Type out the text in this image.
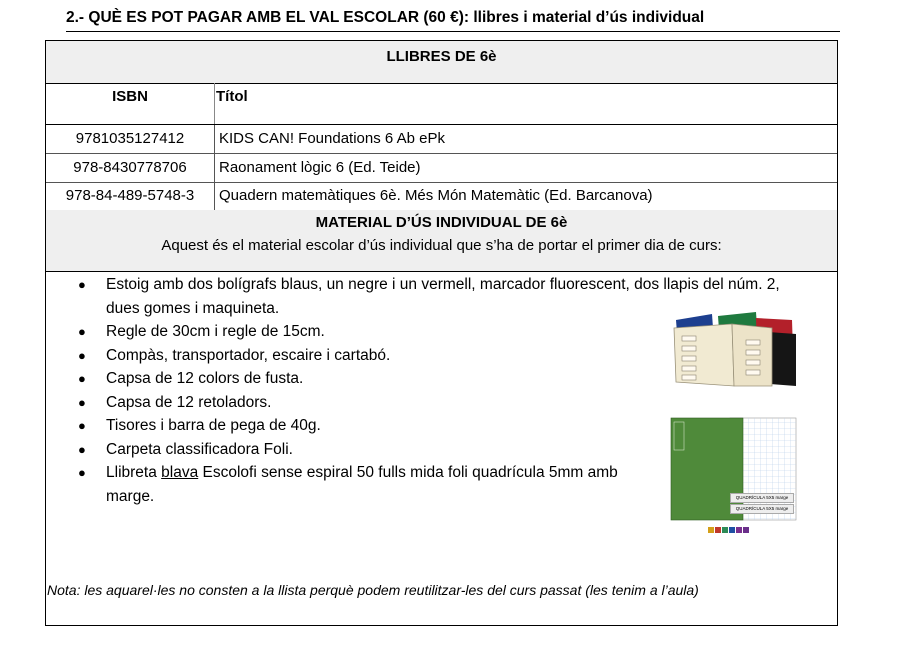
2.- QUÈ ES POT PAGAR AMB EL VAL ESCOLAR (60 €): llibres i material d’ús individual
LLIBRES DE 6è
ISBN	Títol
9781035127412	KIDS CAN! Foundations 6 Ab ePk
978-8430778706	Raonament lògic 6 (Ed. Teide)
978-84-489-5748-3	Quadern matemàtiques 6è. Més Món Matemàtic (Ed. Barcanova)
MATERIAL D’ÚS INDIVIDUAL DE 6è
Aquest és el material escolar d’ús individual que s’ha de portar el primer dia de curs:
● Estoig amb dos bolígrafs blaus, un negre i un vermell, marcador fluorescent, dos llapis del núm. 2, dues gomes i maquineta.
● Regle de 30cm i regle de 15cm.
● Compàs, transportador, escaire i cartabó.
● Capsa de 12 colors de fusta.
● Capsa de 12 retoladors.
● Tisores i barra de pega de 40g.
● Carpeta classificadora Foli.
● Llibreta blava Escolofi sense espiral 50 fulls mida foli quadrícula 5mm amb marge.	QUADRÍCULA 5X5 marge
QUADRÍCULA 5X5 marge
Nota: les aquarel·les no consten a la llista perquè podem reutilitzar-les del curs passat (les tenim a l’aula)
